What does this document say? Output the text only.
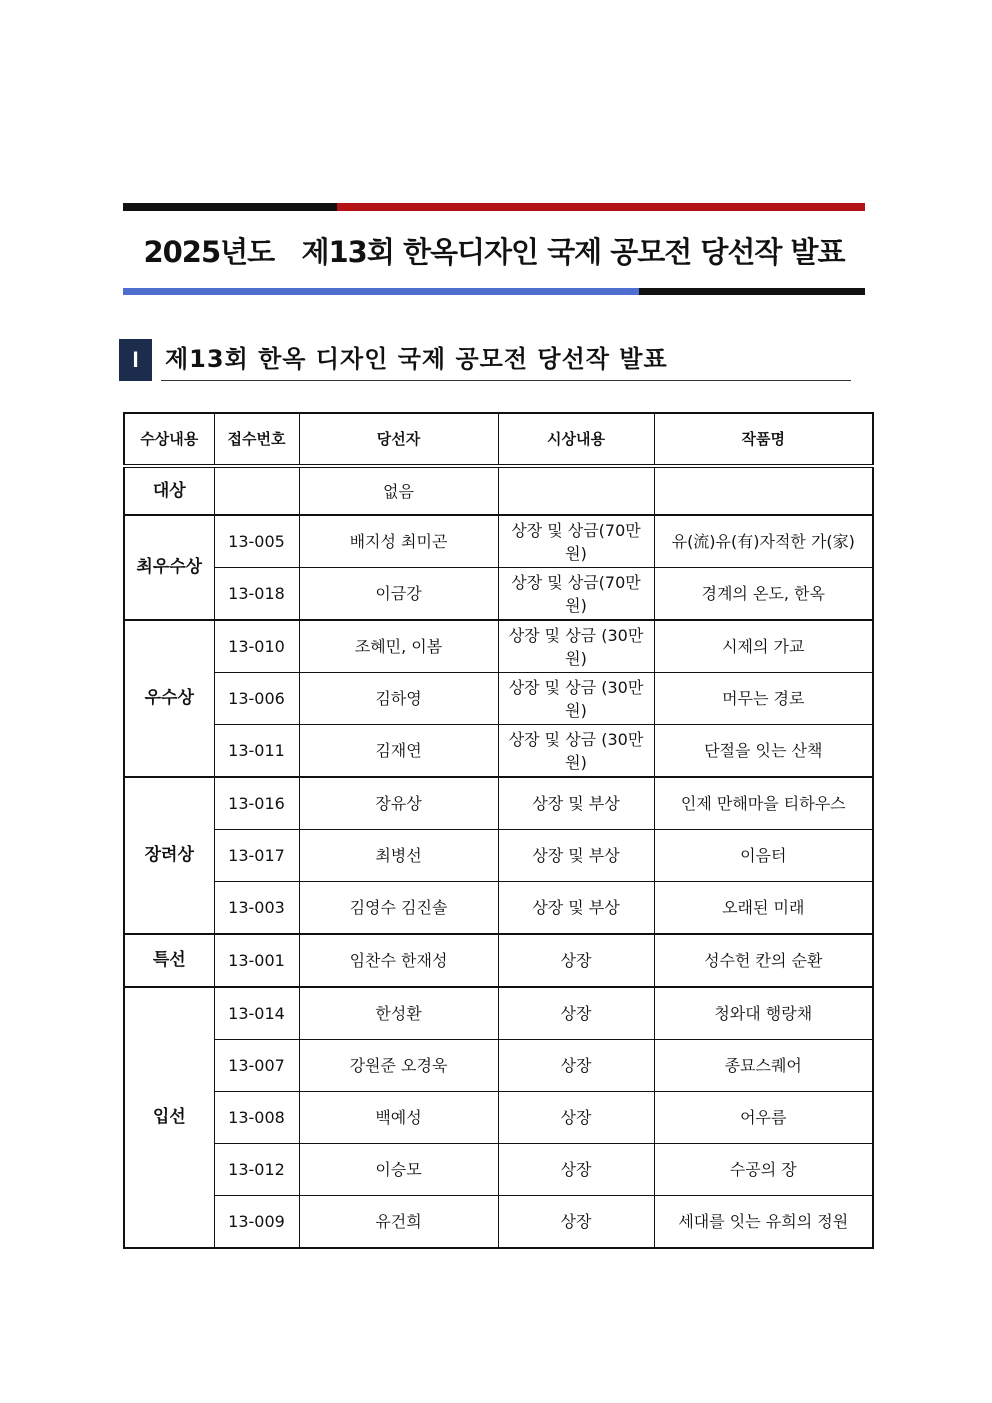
2025년도   제13회 한옥디자인 국제 공모전 당선작 발표
I	제13회 한옥 디자인 국제 공모전 당선작 발표
수상내용	접수번호	당선자	시상내용	작품명
대상		없음		
최우수상	13-005	배지성 최미곤	상장 및 상금(70만원)	유(流)유(有)자적한 가(家)
	13-018	이금강	상장 및 상금(70만원)	경계의 온도, 한옥
우수상	13-010	조혜민, 이봄	상장 및 상금 (30만원)	시제의 가교
	13-006	김하영	상장 및 상금 (30만원)	머무는 경로
	13-011	김재연	상장 및 상금 (30만원)	단절을 잇는 산책
장려상	13-016	장유상	상장 및 부상	인제 만해마을 티하우스
	13-017	최병선	상장 및 부상	이음터
	13-003	김영수 김진솔	상장 및 부상	오래된 미래
특선	13-001	임찬수 한재성	상장	성수헌 칸의 순환
입선	13-014	한성환	상장	청와대 행랑채
	13-007	강원준 오경욱	상장	종묘스퀘어
	13-008	백예성	상장	어우름
	13-012	이승모	상장	수공의 장
	13-009	유건희	상장	세대를 잇는 유희의 정원
